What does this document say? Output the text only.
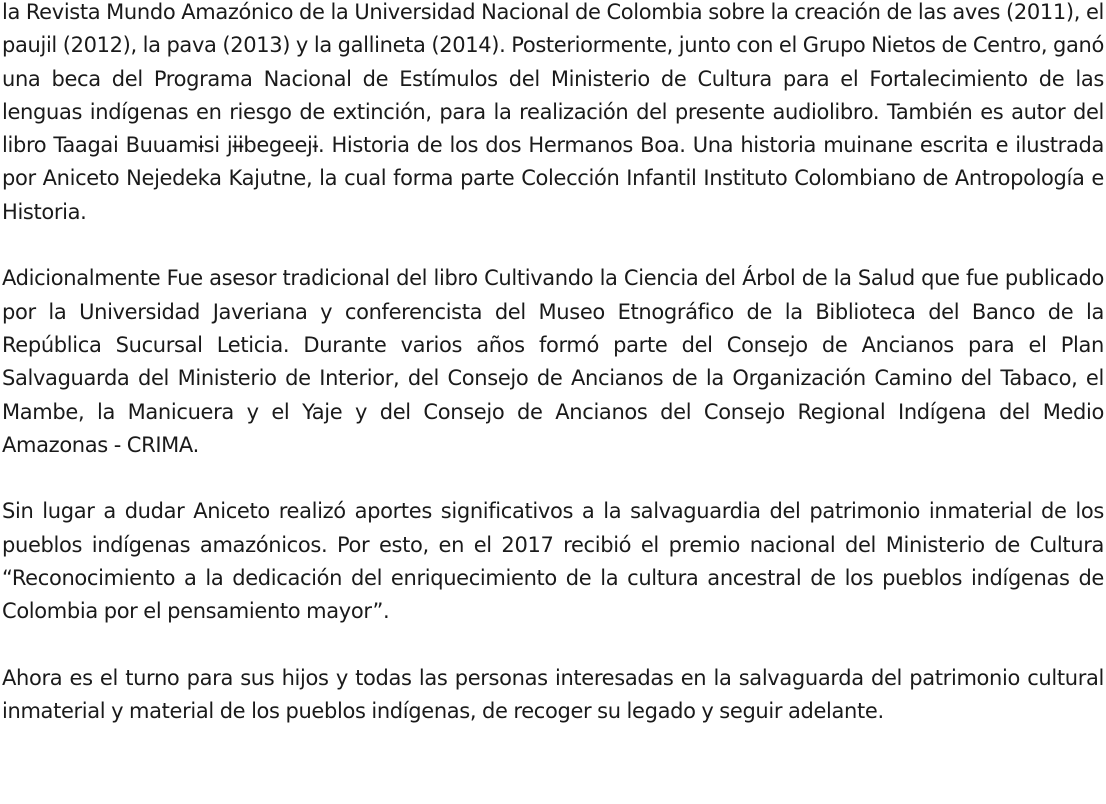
la Revista Mundo Amazónico de la Universidad Nacional de Colombia sobre la creación de las aves (2011), el paujil (2012), la pava (2013) y la gallineta (2014). Posteriormente, junto con el Grupo Nietos de Centro, ganó una beca del Programa Nacional de Estímulos del Ministerio de Cultura para el Fortalecimiento de las lenguas indígenas en riesgo de extinción, para la realización del presente audiolibro. También es autor del libro Taagai Buuamɨsi jɨɨbegeejɨ. Historia de los dos Hermanos Boa. Una historia muinane escrita e ilustrada por Aniceto Nejedeka Kajutne, la cual forma parte Colección Infantil Instituto Colombiano de Antropología e Historia.

Adicionalmente Fue asesor tradicional del libro Cultivando la Ciencia del Árbol de la Salud que fue publicado por la Universidad Javeriana y conferencista del Museo Etnográfico de la Biblioteca del Banco de la República Sucursal Leticia. Durante varios años formó parte del Consejo de Ancianos para el Plan Salvaguarda del Ministerio de Interior, del Consejo de Ancianos de la Organización Camino del Tabaco, el Mambe, la Manicuera y el Yaje y del Consejo de Ancianos del Consejo Regional Indígena del Medio Amazonas - CRIMA.

Sin lugar a dudar Aniceto realizó aportes significativos a la salvaguardia del patrimonio inmaterial de los pueblos indígenas amazónicos. Por esto, en el 2017 recibió el premio nacional del Ministerio de Cultura “Reconocimiento a la dedicación del enriquecimiento de la cultura ancestral de los pueblos indígenas de Colombia por el pensamiento mayor”.

Ahora es el turno para sus hijos y todas las personas interesadas en la salvaguarda del patrimonio cultural inmaterial y material de los pueblos indígenas, de recoger su legado y seguir adelante.
